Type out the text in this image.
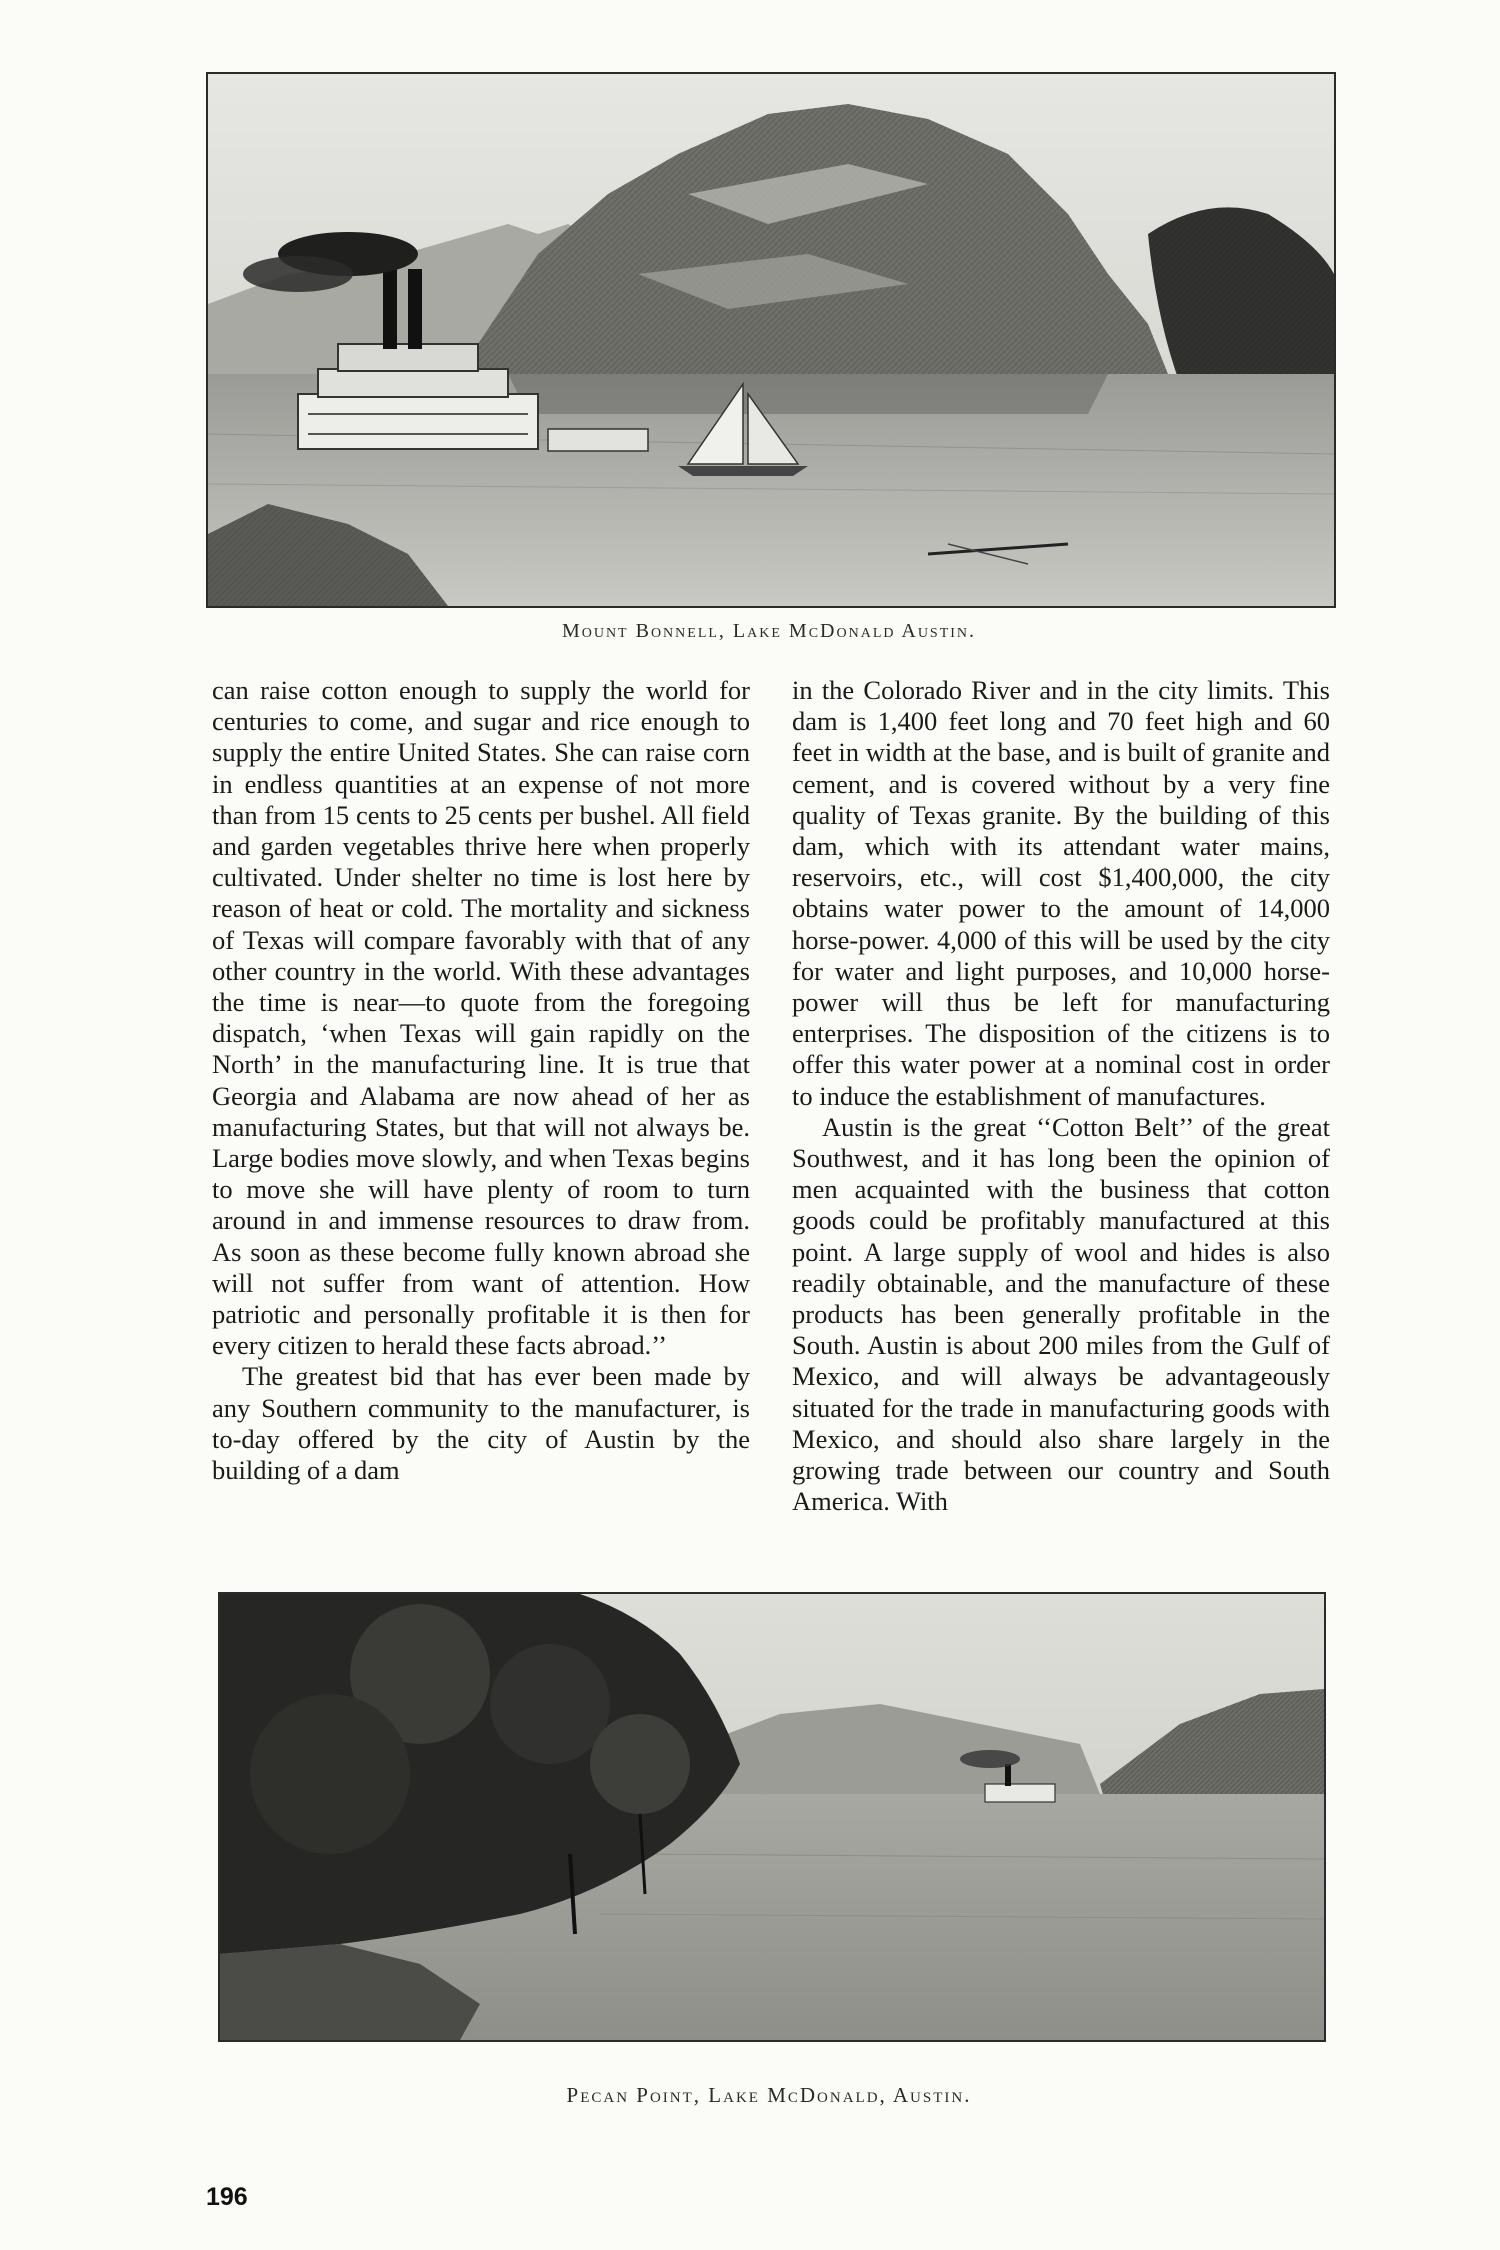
Mount Bonnell, Lake McDonald Austin.

can raise cotton enough to supply the world for centuries to come, and sugar and rice enough to supply the entire United States. She can raise corn in endless quantities at an expense of not more than from 15 cents to 25 cents per bushel. All field and garden vegetables thrive here when properly cultivated. Under shelter no time is lost here by reason of heat or cold. The mortality and sickness of Texas will compare favorably with that of any other country in the world. With these advantages the time is near—to quote from the foregoing dispatch, ‘when Texas will gain rapidly on the North’ in the manufacturing line. It is true that Georgia and Alabama are now ahead of her as manufacturing States, but that will not always be. Large bodies move slowly, and when Texas begins to move she will have plenty of room to turn around in and immense resources to draw from. As soon as these become fully known abroad she will not suffer from want of attention. How patriotic and personally profitable it is then for every citizen to herald these facts abroad.’’

The greatest bid that has ever been made by any Southern community to the manufacturer, is to-day offered by the city of Austin by the building of a dam

in the Colorado River and in the city limits. This dam is 1,400 feet long and 70 feet high and 60 feet in width at the base, and is built of granite and cement, and is covered without by a very fine quality of Texas granite. By the building of this dam, which with its attendant water mains, reservoirs, etc., will cost $1,400,000, the city obtains water power to the amount of 14,000 horse-power. 4,000 of this will be used by the city for water and light purposes, and 10,000 horse-power will thus be left for manufacturing enterprises. The disposition of the citizens is to offer this water power at a nominal cost in order to induce the establishment of manufactures.

Austin is the great ‘‘Cotton Belt’’ of the great Southwest, and it has long been the opinion of men acquainted with the business that cotton goods could be profitably manufactured at this point. A large supply of wool and hides is also readily obtainable, and the manufacture of these products has been generally profitable in the South. Austin is about 200 miles from the Gulf of Mexico, and will always be advantageously situated for the trade in manufacturing goods with Mexico, and should also share largely in the growing trade between our country and South America. With

Pecan Point, Lake McDonald, Austin.
196
